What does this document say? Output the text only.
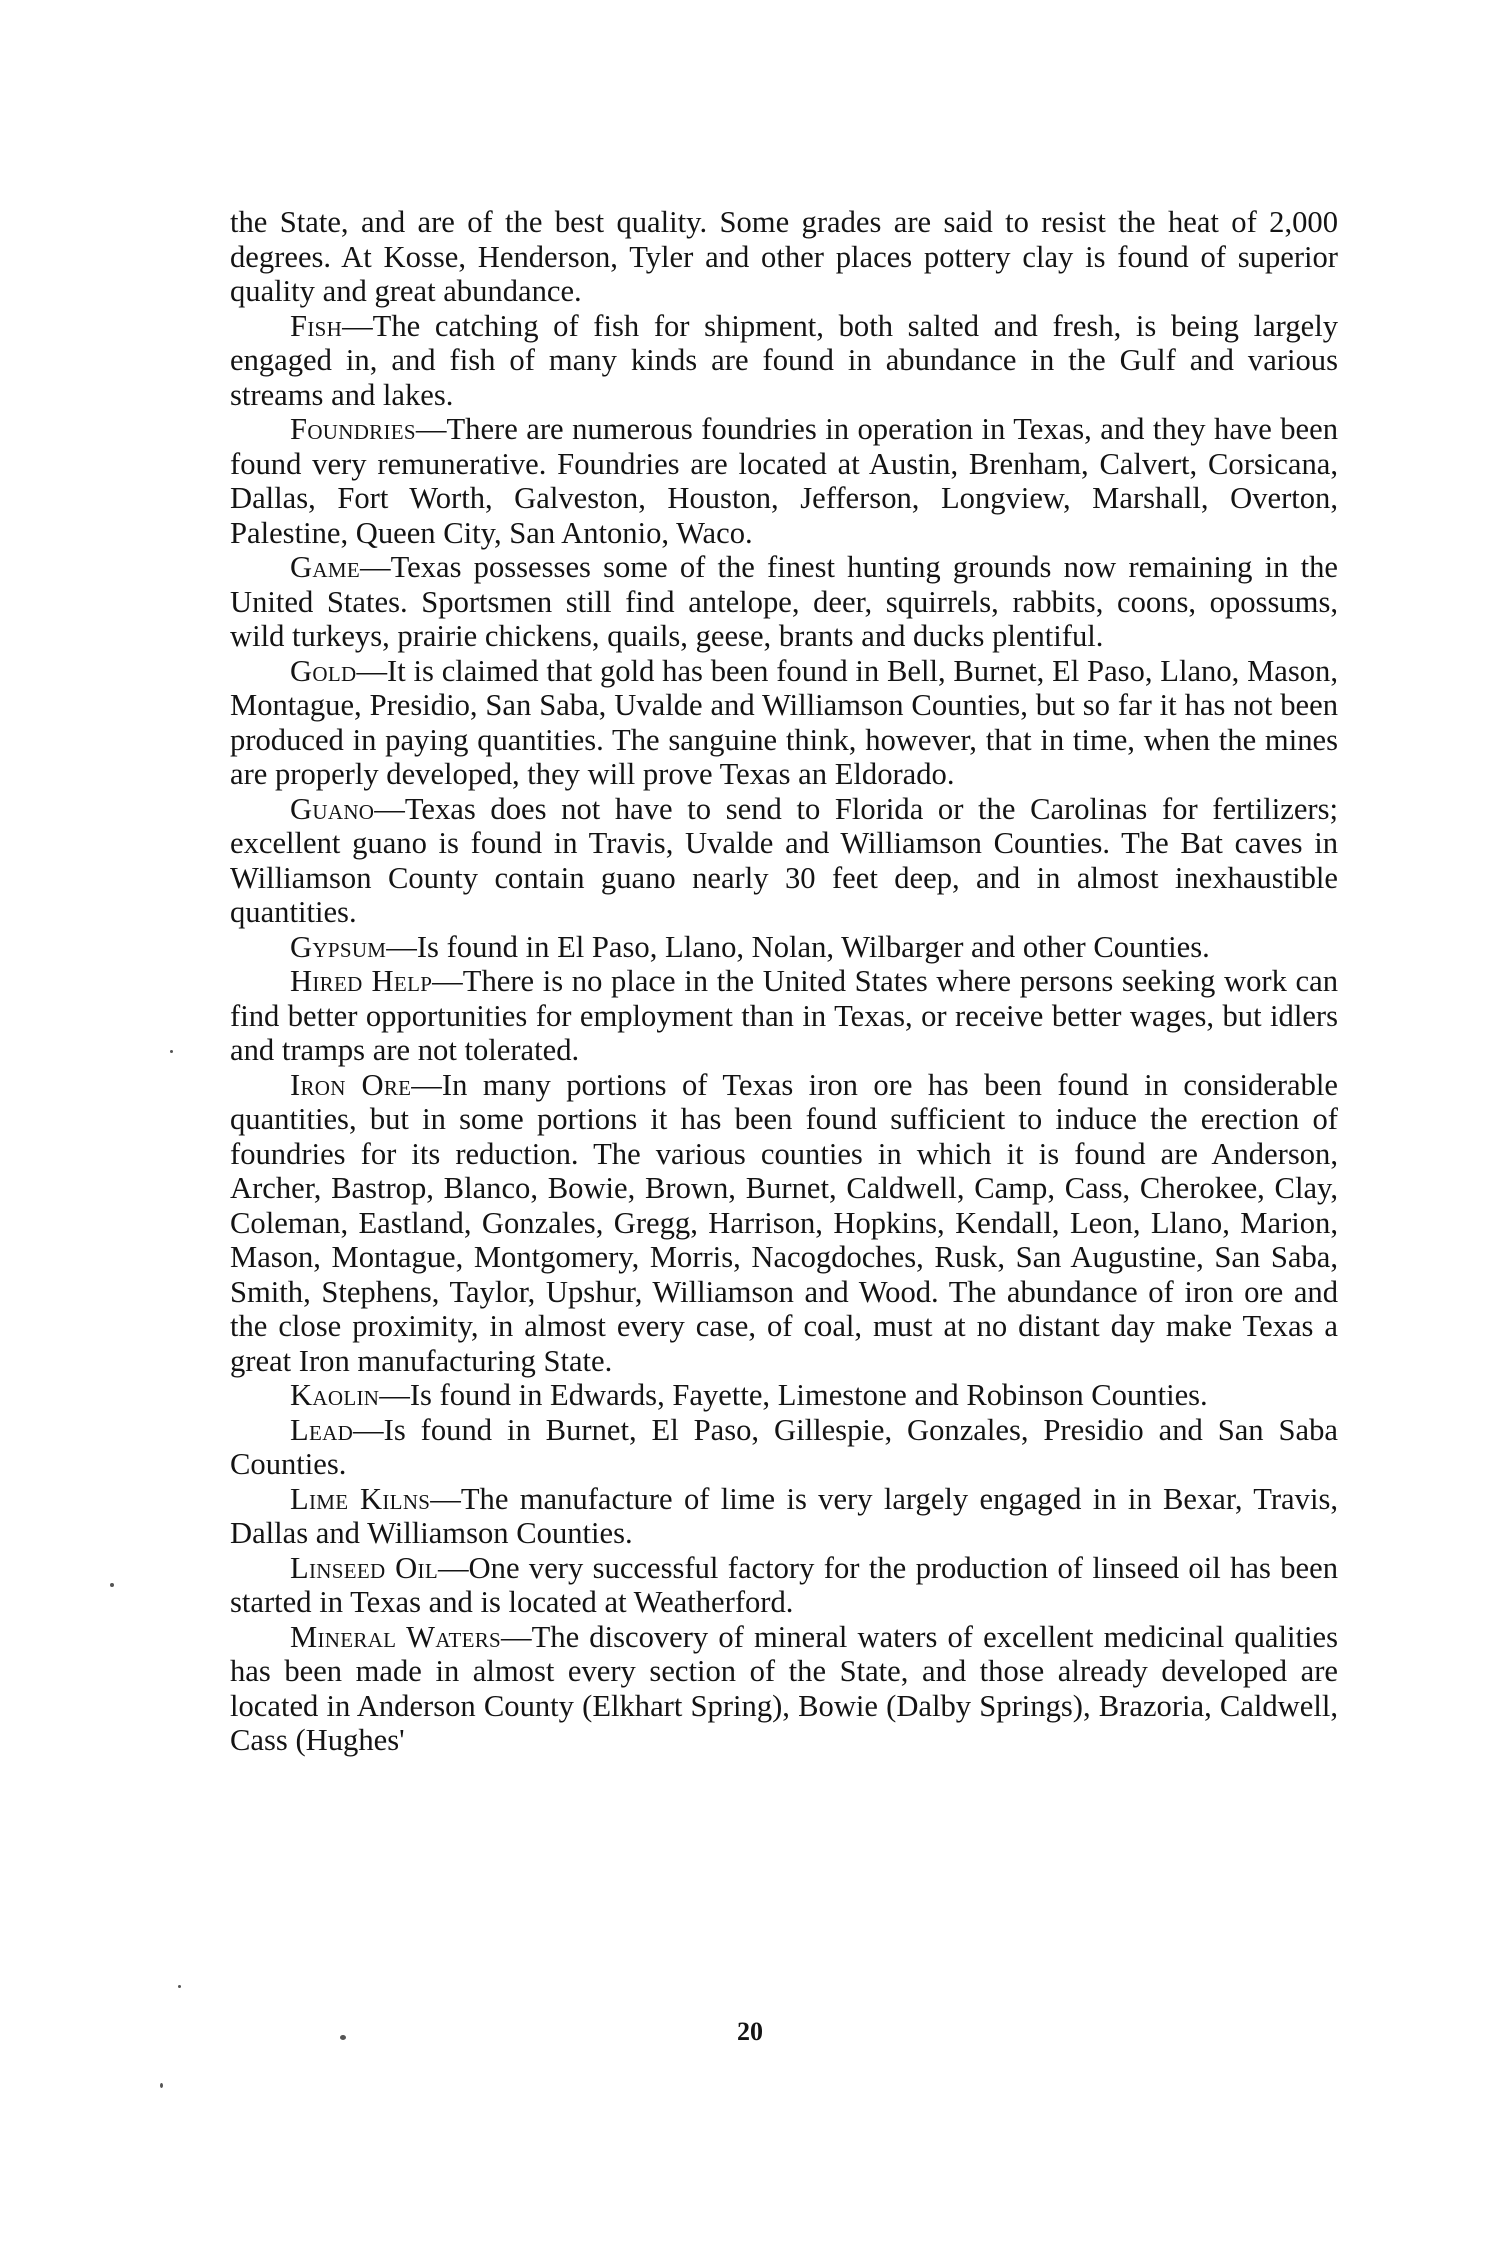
the State, and are of the best quality. Some grades are said to resist the heat of 2,000 degrees. At Kosse, Henderson, Tyler and other places pottery clay is found of superior quality and great abundance.

Fish—The catching of fish for shipment, both salted and fresh, is being largely engaged in, and fish of many kinds are found in abundance in the Gulf and various streams and lakes.

Foundries—There are numerous foundries in operation in Texas, and they have been found very remunerative. Foundries are located at Austin, Brenham, Calvert, Corsicana, Dallas, Fort Worth, Galveston, Houston, Jefferson, Longview, Marshall, Overton, Palestine, Queen City, San Antonio, Waco.

Game—Texas possesses some of the finest hunting grounds now remaining in the United States. Sportsmen still find antelope, deer, squirrels, rabbits, coons, opossums, wild turkeys, prairie chickens, quails, geese, brants and ducks plentiful.

Gold—It is claimed that gold has been found in Bell, Burnet, El Paso, Llano, Mason, Montague, Presidio, San Saba, Uvalde and Williamson Counties, but so far it has not been produced in paying quantities. The sanguine think, however, that in time, when the mines are properly developed, they will prove Texas an Eldorado.

Guano—Texas does not have to send to Florida or the Carolinas for fertilizers; excellent guano is found in Travis, Uvalde and Williamson Counties. The Bat caves in Williamson County contain guano nearly 30 feet deep, and in almost inexhaustible quantities.

Gypsum—Is found in El Paso, Llano, Nolan, Wilbarger and other Counties.

Hired Help—There is no place in the United States where persons seeking work can find better opportunities for employment than in Texas, or receive better wages, but idlers and tramps are not tolerated.

Iron Ore—In many portions of Texas iron ore has been found in considerable quantities, but in some portions it has been found sufficient to induce the erection of foundries for its reduction. The various counties in which it is found are Anderson, Archer, Bastrop, Blanco, Bowie, Brown, Burnet, Caldwell, Camp, Cass, Cherokee, Clay, Coleman, Eastland, Gonzales, Gregg, Harrison, Hopkins, Kendall, Leon, Llano, Marion, Mason, Montague, Montgomery, Morris, Nacogdoches, Rusk, San Augustine, San Saba, Smith, Stephens, Taylor, Upshur, Williamson and Wood. The abundance of iron ore and the close proximity, in almost every case, of coal, must at no distant day make Texas a great Iron manufacturing State.

Kaolin—Is found in Edwards, Fayette, Limestone and Robinson Counties.

Lead—Is found in Burnet, El Paso, Gillespie, Gonzales, Presidio and San Saba Counties.

Lime Kilns—The manufacture of lime is very largely engaged in in Bexar, Travis, Dallas and Williamson Counties.

Linseed Oil—One very successful factory for the production of linseed oil has been started in Texas and is located at Weatherford.

Mineral Waters—The discovery of mineral waters of excellent medicinal qualities has been made in almost every section of the State, and those already developed are located in Anderson County (Elkhart Spring), Bowie (Dalby Springs), Brazoria, Caldwell, Cass (Hughes'

20
